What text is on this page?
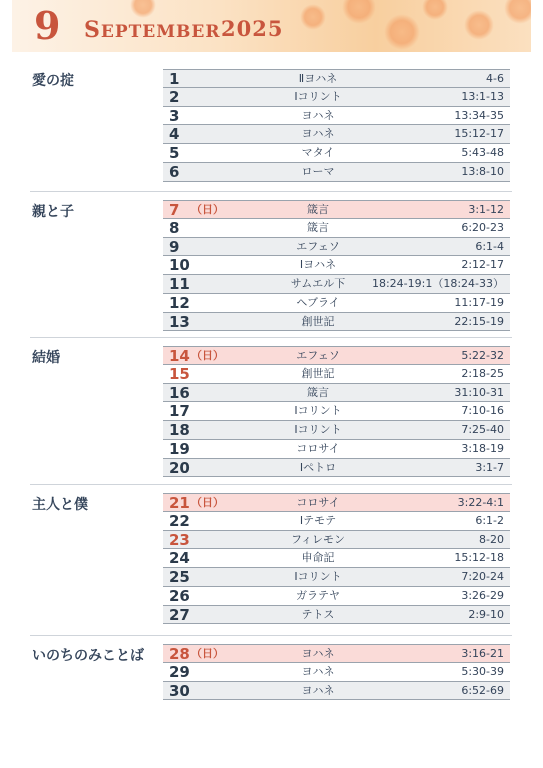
9 SEPTEMBER 2025
愛の掟	1	Ⅱヨハネ	4-6
2	Ⅰコリント	13:1-13
3	ヨハネ	13:34-35
4	ヨハネ	15:12-17
5	マタイ	5:43-48
6	ローマ	13:8-10
親と子	7 （日）	箴言	3:1-12
8	箴言	6:20-23
9	エフェソ	6:1-4
10	Ⅰヨハネ	2:12-17
11	サムエル下	18:24-19:1（18:24-33）
12	ヘブライ	11:17-19
13	創世記	22:15-19
結婚	14 （日）	エフェソ	5:22-32
15	創世記	2:18-25
16	箴言	31:10-31
17	Ⅰコリント	7:10-16
18	Ⅰコリント	7:25-40
19	コロサイ	3:18-19
20	Ⅰペトロ	3:1-7
主人と僕	21 （日）	コロサイ	3:22-4:1
22	Ⅰテモテ	6:1-2
23	フィレモン	8-20
24	申命記	15:12-18
25	Ⅰコリント	7:20-24
26	ガラテヤ	3:26-29
27	テトス	2:9-10
いのちのみことば 28 （日）	ヨハネ	3:16-21
29	ヨハネ	5:30-39
30	ヨハネ	6:52-69
